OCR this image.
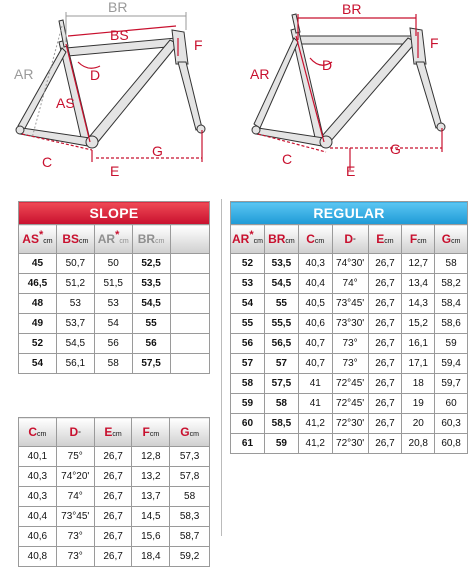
BR
BS
AR
AS
D
F
C
E
G
BR
AR
D
F
C
E
G
SLOPE				
AS*cm	BScm	AR*cm	BRcm	
45	50,7	50	52,5	
46,5	51,2	51,5	53,5	
48	53	53	54,5	
49	53,7	54	55	
52	54,5	56	56	
54	56,1	58	57,5	
Ccm	D°	Ecm	Fcm	Gcm
40,1	75°	26,7	12,8	57,3
40,3	74°20'	26,7	13,2	57,8
40,3	74°	26,7	13,7	58
40,4	73°45'	26,7	14,5	58,3
40,6	73°	26,7	15,6	58,7
40,8	73°	26,7	18,4	59,2
REGULAR						
AR*cm	BRcm	Ccm	D°	Ecm	Fcm	Gcm
52	53,5	40,3	74°30'	26,7	12,7	58
53	54,5	40,4	74°	26,7	13,4	58,2
54	55	40,5	73°45'	26,7	14,3	58,4
55	55,5	40,6	73°30'	26,7	15,2	58,6
56	56,5	40,7	73°	26,7	16,1	59
57	57	40,7	73°	26,7	17,1	59,4
58	57,5	41	72°45'	26,7	18	59,7
59	58	41	72°45'	26,7	19	60
60	58,5	41,2	72°30'	26,7	20	60,3
61	59	41,2	72°30'	26,7	20,8	60,8
